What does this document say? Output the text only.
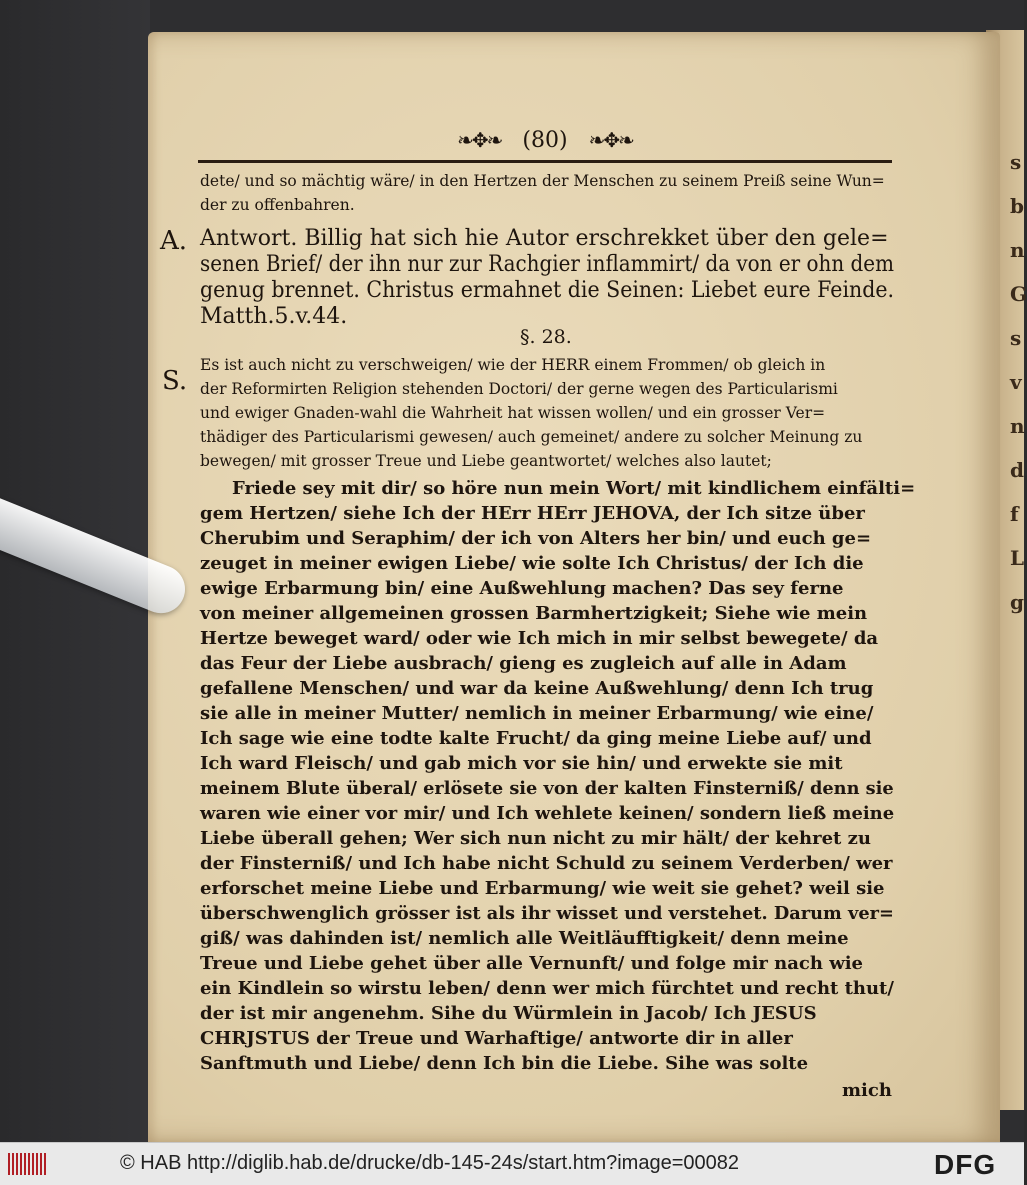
s
b
n
G
s
v
n
d
f
L
g
❧✥❧ (80) ❧✥❧
dete/ und so mächtig wäre/ in den Hertzen der Menschen zu seinem Preiß seine Wun=
der zu offenbahren.
A. Antwort. Billig hat sich hie Autor erschrekket über den gele=
senen Brief/ der ihn nur zur Rachgier inflammirt/ da von er ohn dem
genug brennet. Christus ermahnet die Seinen: Liebet eure Feinde.
Matth.5.v.44.
§. 28.
S.
Es ist auch nicht zu verschweigen/ wie der HERR einem Frommen/ ob gleich in
der Reformirten Religion stehenden Doctori/ der gerne wegen des Particularismi
und ewiger Gnaden-wahl die Wahrheit hat wissen wollen/ und ein grosser Ver=
thädiger des Particularismi gewesen/ auch gemeinet/ andere zu solcher Meinung zu
bewegen/ mit grosser Treue und Liebe geantwortet/ welches also lautet;
Friede sey mit dir/ so höre nun mein Wort/ mit kindlichem einfälti=
gem Hertzen/ siehe Ich der HErr HErr JEHOVA, der Ich sitze über
Cherubim und Seraphim/ der ich von Alters her bin/ und euch ge=
zeuget in meiner ewigen Liebe/ wie solte Ich Christus/ der Ich die
ewige Erbarmung bin/ eine Außwehlung machen? Das sey ferne
von meiner allgemeinen grossen Barmhertzigkeit; Siehe wie mein
Hertze beweget ward/ oder wie Ich mich in mir selbst bewegete/ da
das Feur der Liebe ausbrach/ gieng es zugleich auf alle in Adam
gefallene Menschen/ und war da keine Außwehlung/ denn Ich trug
sie alle in meiner Mutter/ nemlich in meiner Erbarmung/ wie eine/
Ich sage wie eine todte kalte Frucht/ da ging meine Liebe auf/ und
Ich ward Fleisch/ und gab mich vor sie hin/ und erwekte sie mit
meinem Blute überal/ erlösete sie von der kalten Finsterniß/ denn sie
waren wie einer vor mir/ und Ich wehlete keinen/ sondern ließ meine
Liebe überall gehen; Wer sich nun nicht zu mir hält/ der kehret zu
der Finsterniß/ und Ich habe nicht Schuld zu seinem Verderben/ wer
erforschet meine Liebe und Erbarmung/ wie weit sie gehet? weil sie
überschwenglich grösser ist als ihr wisset und verstehet. Darum ver=
giß/ was dahinden ist/ nemlich alle Weitläufftigkeit/ denn meine
Treue und Liebe gehet über alle Vernunft/ und folge mir nach wie
ein Kindlein so wirstu leben/ denn wer mich fürchtet und recht thut/
der ist mir angenehm. Sihe du Würmlein in Jacob/ Ich JESUS
CHRJSTUS der Treue und Warhaftige/ antworte dir in aller
Sanftmuth und Liebe/ denn Ich bin die Liebe. Sihe was solte
mich
© HAB http://diglib.hab.de/drucke/db-145-24s/start.htm?image=00082	DFG
